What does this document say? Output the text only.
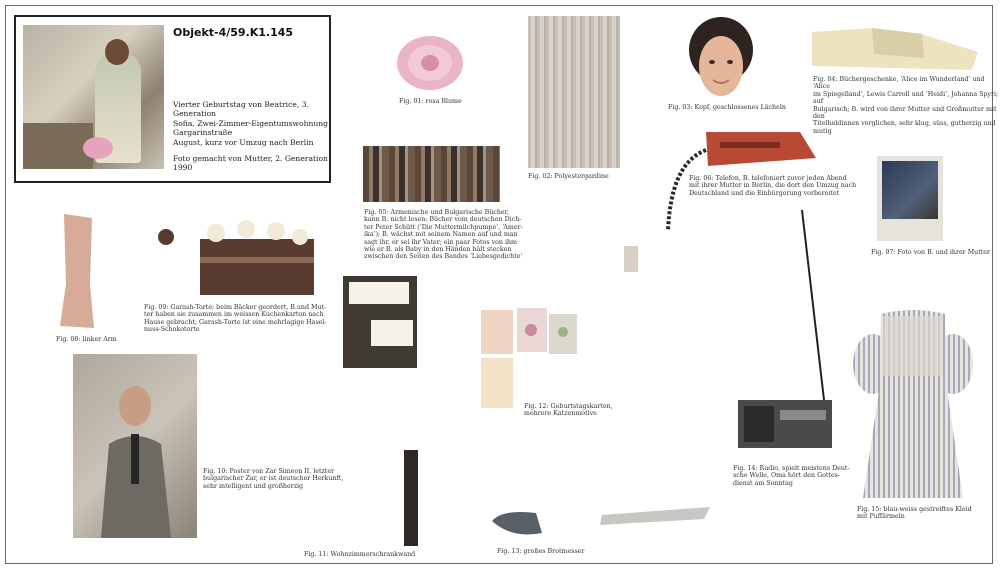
Objekt-4/59.K1.145
Vierter Geburtstag von Beatrice, 3. Generation
Sofia, Zwei-Zimmer-Eigentumswohnung
Gargarinstraße
August, kurz vor Umzug nach Berlin
Foto gemacht von Mutter, 2. Generation
1990
Fig. 01: rosa Blume
Fig. 02: Polyestergardine
Fig. 03: Kopf, geschlossenes Lächeln
Fig. 04: Büchergeschenke, ‘Alice im Wunderland’ und ‘Alice
im Spiegelland’, Lewis Carroll und ‘Heidi’, Johanna Spyri; auf
Bulgarisch; B. wird von ihrer Mutter und Großmutter mit den
Titelheldinnen verglichen, sehr klug, süss, gutherzig und mutig
Fig. 05: Armenische und Bulgarische Bücher,
kann B. nicht lesen; Bücher vom deutschen Dich-
ter Peter Schütt (‘Die Muttermilchpumpe’, ‘Amer-
ika’); B. wächst mit seinem Namen auf und man
sagt ihr, er sei ihr Vater; ein paar Fotos von ihm
wie er B. als Baby in den Händen hält stecken
zwischen den Seiten des Bandes ‘Liebesgedichte’
Fig. 06: Telefon, B. telefoniert zuvor jeden Abend
mit ihrer Mutter in Berlin, die dort den Umzug nach
Deutschland und die Einbürgerung vorbereitet
Fig. 07: Foto von B. und ihrer Mutter
Fig. 08: linker Arm
Fig. 09: Garash-Torte; beim Bäcker geordert, B.und Mut-
ter haben sie zusammen im weissen Kuchenkarton nach
Hause gebracht; Garash-Torte ist eine mehrlagige Hasel-
nuss-Schokotorte
Fig. 10: Poster von Zar Simeon II, letzter
bulgarischer Zar, er ist deutscher Herkunft,
sehr intelligent und großherzig
Fig. 11: Wohnzimmerschrankwand
Fig. 12: Geburtstagskarten,
mehrere Katzenmotive
Fig. 13: großes Brotmesser
Fig. 14: Radio, spielt meistens Deut-
sche Welle, Oma hört den Gottes-
dienst am Sonntag
Fig. 15: blau-weiss gestreiftes Kleid
mit Puffärmeln
